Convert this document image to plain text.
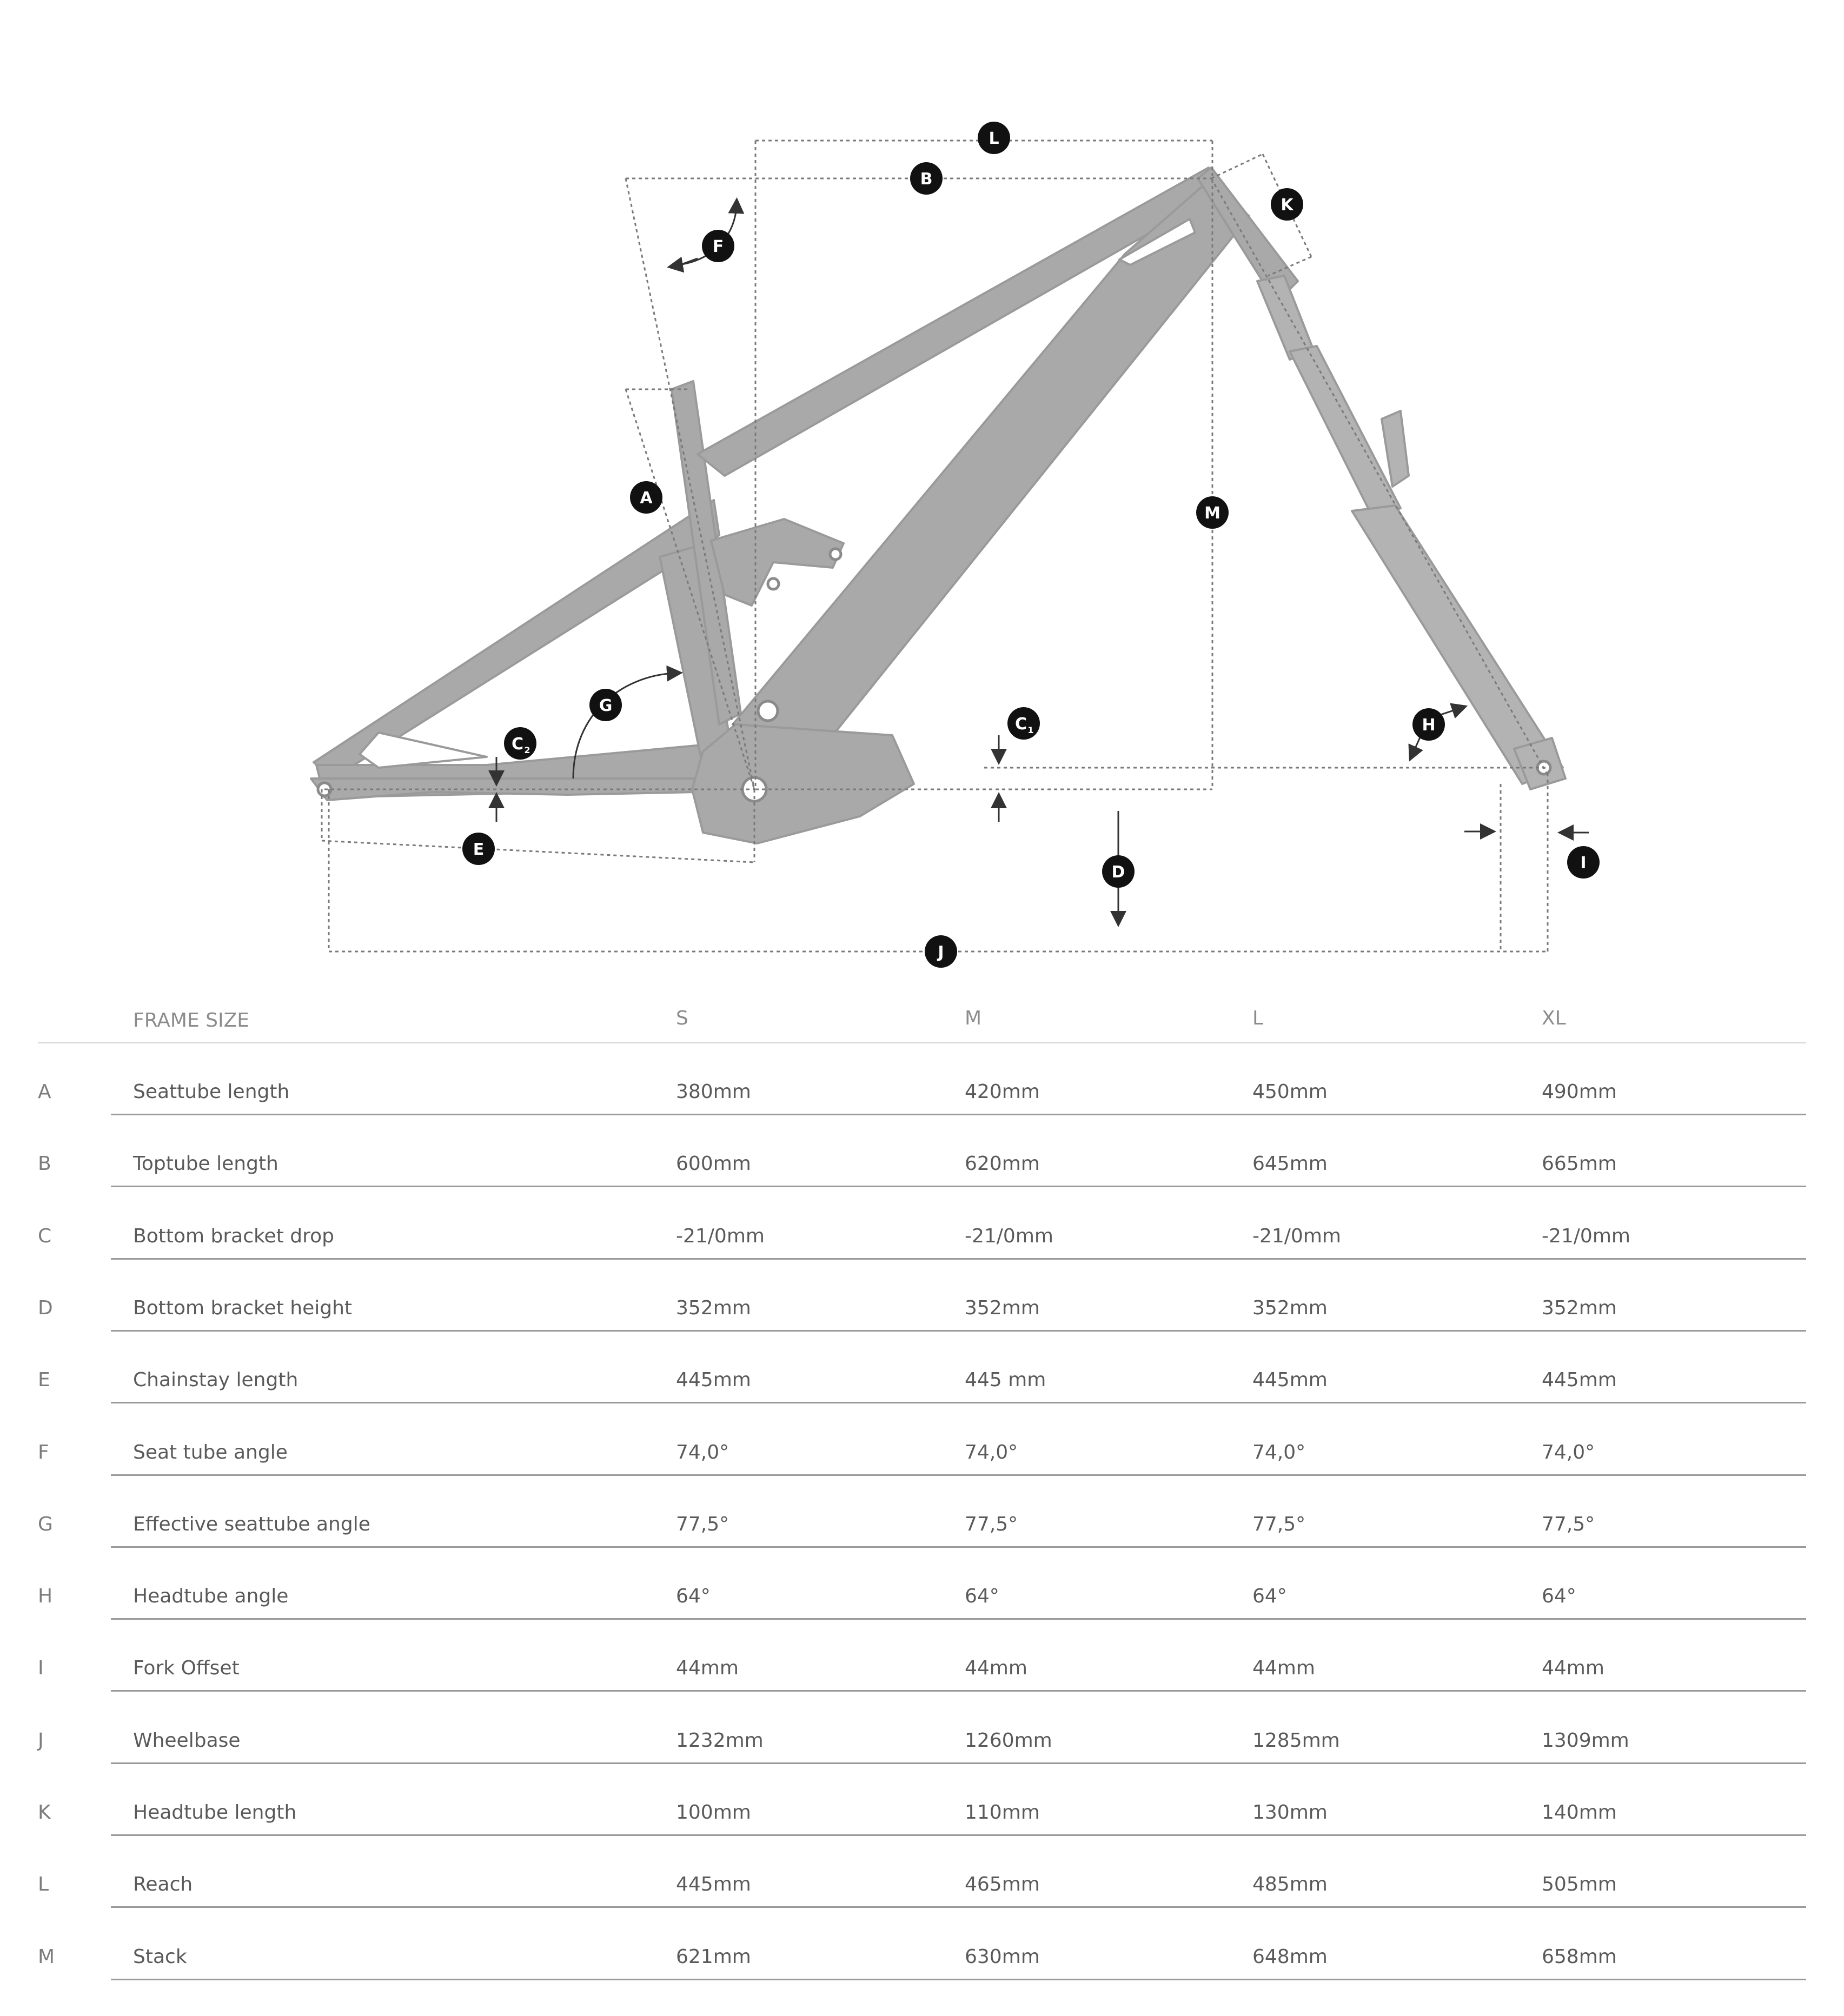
L
B
K
F
A
M
G
C 1
C 2
H
E
I
D
J
FRAME SIZE	S	M	L	XL
A	Seattube length	380mm	420mm	450mm	490mm
B	Toptube length	600mm	620mm	645mm	665mm
C	Bottom bracket drop	-21/0mm	-21/0mm	-21/0mm	-21/0mm
D	Bottom bracket height	352mm	352mm	352mm	352mm
E	Chainstay length	445mm	445 mm	445mm	445mm
F	Seat tube angle	74,0°	74,0°	74,0°	74,0°
G	Effective seattube angle	77,5°	77,5°	77,5°	77,5°
H	Headtube angle	64°	64°	64°	64°
I	Fork Offset	44mm	44mm	44mm	44mm
J	Wheelbase	1232mm	1260mm	1285mm	1309mm
K	Headtube length	100mm	110mm	130mm	140mm
L	Reach	445mm	465mm	485mm	505mm
M	Stack	621mm	630mm	648mm	658mm
